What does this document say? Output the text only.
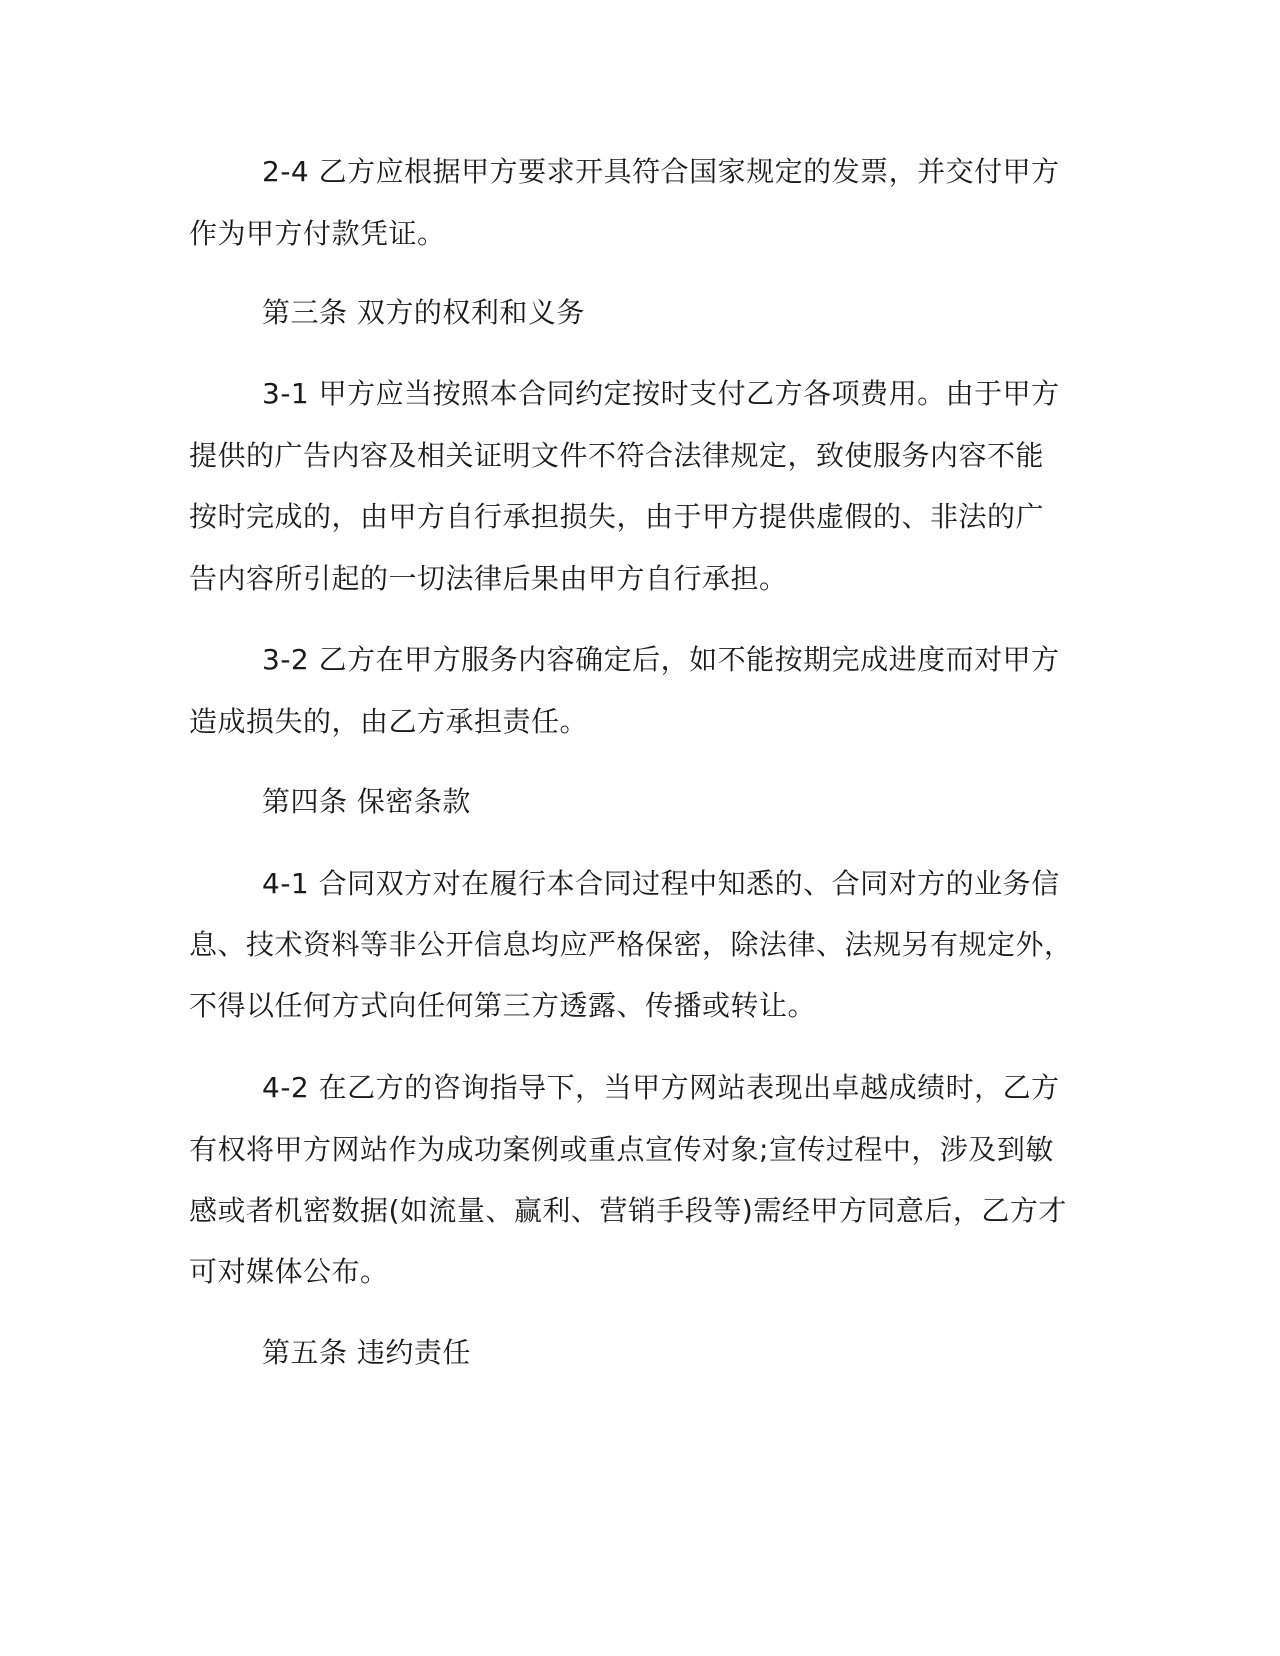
2-4 乙方应根据甲方要求开具符合国家规定的发票，并交付甲方
作为甲方付款凭证。
第三条 双方的权利和义务
3-1 甲方应当按照本合同约定按时支付乙方各项费用。由于甲方
提供的广告内容及相关证明文件不符合法律规定，致使服务内容不能
按时完成的，由甲方自行承担损失，由于甲方提供虚假的、非法的广
告内容所引起的一切法律后果由甲方自行承担。
3-2 乙方在甲方服务内容确定后，如不能按期完成进度而对甲方
造成损失的，由乙方承担责任。
第四条 保密条款
4-1 合同双方对在履行本合同过程中知悉的、合同对方的业务信
息、技术资料等非公开信息均应严格保密，除法律、法规另有规定外，
不得以任何方式向任何第三方透露、传播或转让。
4-2 在乙方的咨询指导下，当甲方网站表现出卓越成绩时，乙方
有权将甲方网站作为成功案例或重点宣传对象;宣传过程中，涉及到敏
感或者机密数据(如流量、赢利、营销手段等)需经甲方同意后，乙方才
可对媒体公布。
第五条 违约责任
